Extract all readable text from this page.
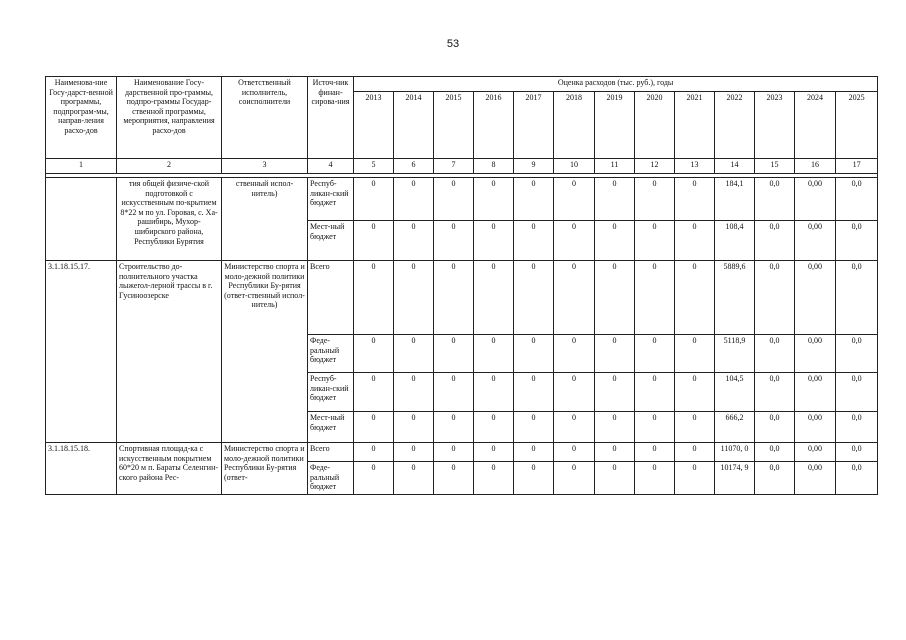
53
Наименова-ние Госу-дарст-венной программы, подпрограм-мы, направ-ления расхо-дов	Наименование Госу-дарственной про-граммы, подпро-граммы Государ-ственной программы, мероприятия, направления расхо-дов	Ответственный исполнитель, соисполнители	Источ-ник финан-сирова-ния	Оценка расходов (тыс. руб.), годы												
				2013	2014	2015	2016	2017	2018	2019	2020	2021	2022	2023	2024	2025
1	2	3	4	5	6	7	8	9	10	11	12	13	14	15	16	17

	тия общей физиче-ской подготовкой с искусственным по-крытием 8*22 м по ул. Горовая, с. Ха-рашибирь, Мухор-шибирского района, Республики Бурятия	ственный испол-нитель)	Респуб-ликан-ский бюджет	0	0	0	0	0	0	0	0	0	184,1	0,0	0,00	0,0
			Мест-ный бюджет	0	0	0	0	0	0	0	0	0	108,4	0,0	0,00	0,0
3.1.18.15.17.	Строительство до-полнительного участка лыжеrол-лерной трассы в г. Гусиноозерске	Министерство спорта и моло-дежной политики Республики Бу-рятия (ответ-ственный испол-нитель)	Всего	0	0	0	0	0	0	0	0	0	5889,6	0,0	0,00	0,0
			Феде-ральный бюджет	0	0	0	0	0	0	0	0	0	5118,9	0,0	0,00	0,0
			Респуб-ликан-ский бюджет	0	0	0	0	0	0	0	0	0	104,5	0,0	0,00	0,0
			Мест-ный бюджет	0	0	0	0	0	0	0	0	0	666,2	0,0	0,00	0,0
3.1.18.15.18.	Спортивная площад-ка с искусственным покрытием 60*20 м п. Бараты Селенгин-ского района Рес-	Министерство спорта и моло-дежной политики Республики Бу-рятия (ответ-	Всего	0	0	0	0	0	0	0	0	0	11070, 0	0,0	0,00	0,0
			Феде-ральный бюджет	0	0	0	0	0	0	0	0	0	10174, 9	0,0	0,00	0,0
